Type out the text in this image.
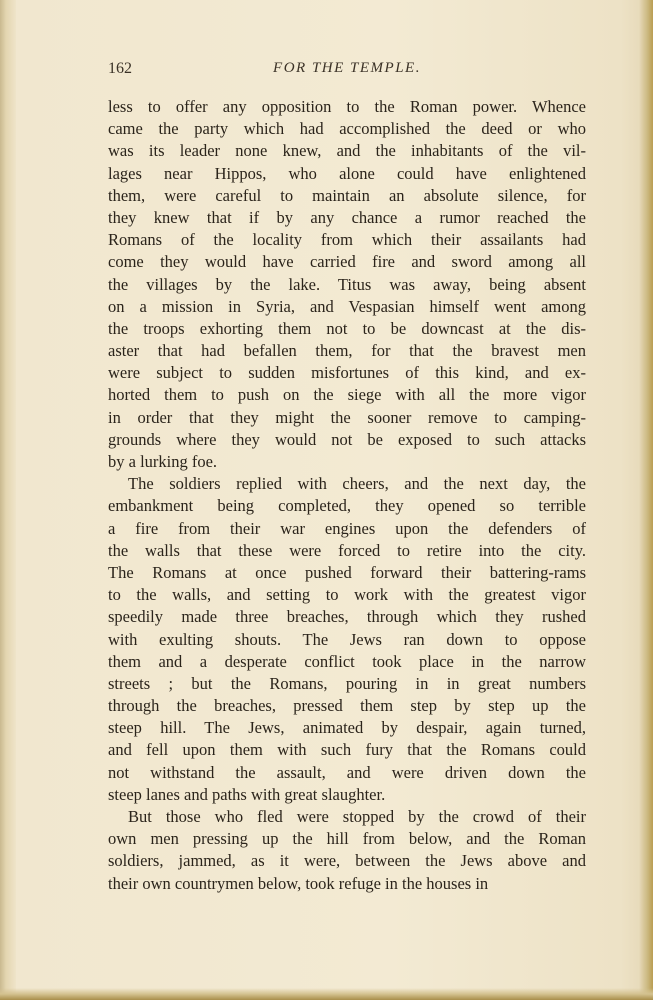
162	FOR THE TEMPLE.
less to offer any opposition to the Roman power. Whence
came the party which had accomplished the deed or who
was its leader none knew, and the inhabitants of the vil-
lages near Hippos, who alone could have enlightened
them, were careful to maintain an absolute silence, for
they knew that if by any chance a rumor reached the
Romans of the locality from which their assailants had
come they would have carried fire and sword among all
the villages by the lake. Titus was away, being absent
on a mission in Syria, and Vespasian himself went among
the troops exhorting them not to be downcast at the dis-
aster that had befallen them, for that the bravest men
were subject to sudden misfortunes of this kind, and ex-
horted them to push on the siege with all the more vigor
in order that they might the sooner remove to camping-
grounds where they would not be exposed to such attacks
by a lurking foe.
The soldiers replied with cheers, and the next day, the
embankment being completed, they opened so terrible
a fire from their war engines upon the defenders of
the walls that these were forced to retire into the city.
The Romans at once pushed forward their battering-rams
to the walls, and setting to work with the greatest vigor
speedily made three breaches, through which they rushed
with exulting shouts. The Jews ran down to oppose
them and a desperate conflict took place in the narrow
streets ; but the Romans, pouring in in great numbers
through the breaches, pressed them step by step up the
steep hill. The Jews, animated by despair, again turned,
and fell upon them with such fury that the Romans could
not withstand the assault, and were driven down the
steep lanes and paths with great slaughter.
But those who fled were stopped by the crowd of their
own men pressing up the hill from below, and the Roman
soldiers, jammed, as it were, between the Jews above and
their own countrymen below, took refuge in the houses in
